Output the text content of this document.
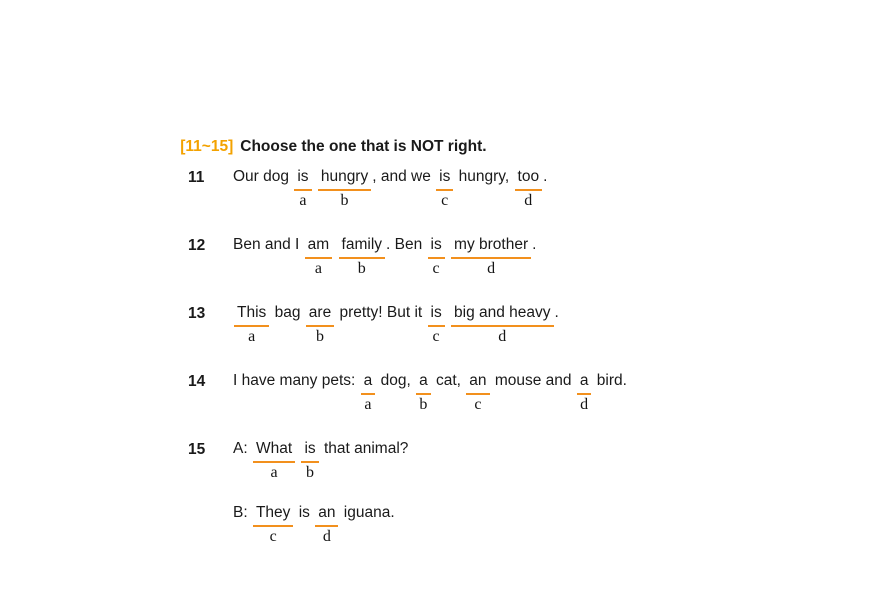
[11~15] Choose the one that is NOT right.

11	Our dog is
a
hungry
b
, and we is
c
hungry, too
d
.
12	Ben and I am
a
family
b
. Ben is
c
my brother
d
.
13	This
a
bag are
b
pretty! But it is
c
big and heavy
d
.
14	I have many pets: a
a
dog, a
b
cat, an
c
mouse and a
d
bird.
15	A: What
a
is
b
that animal?
B: They
c
is an
d
iguana.
